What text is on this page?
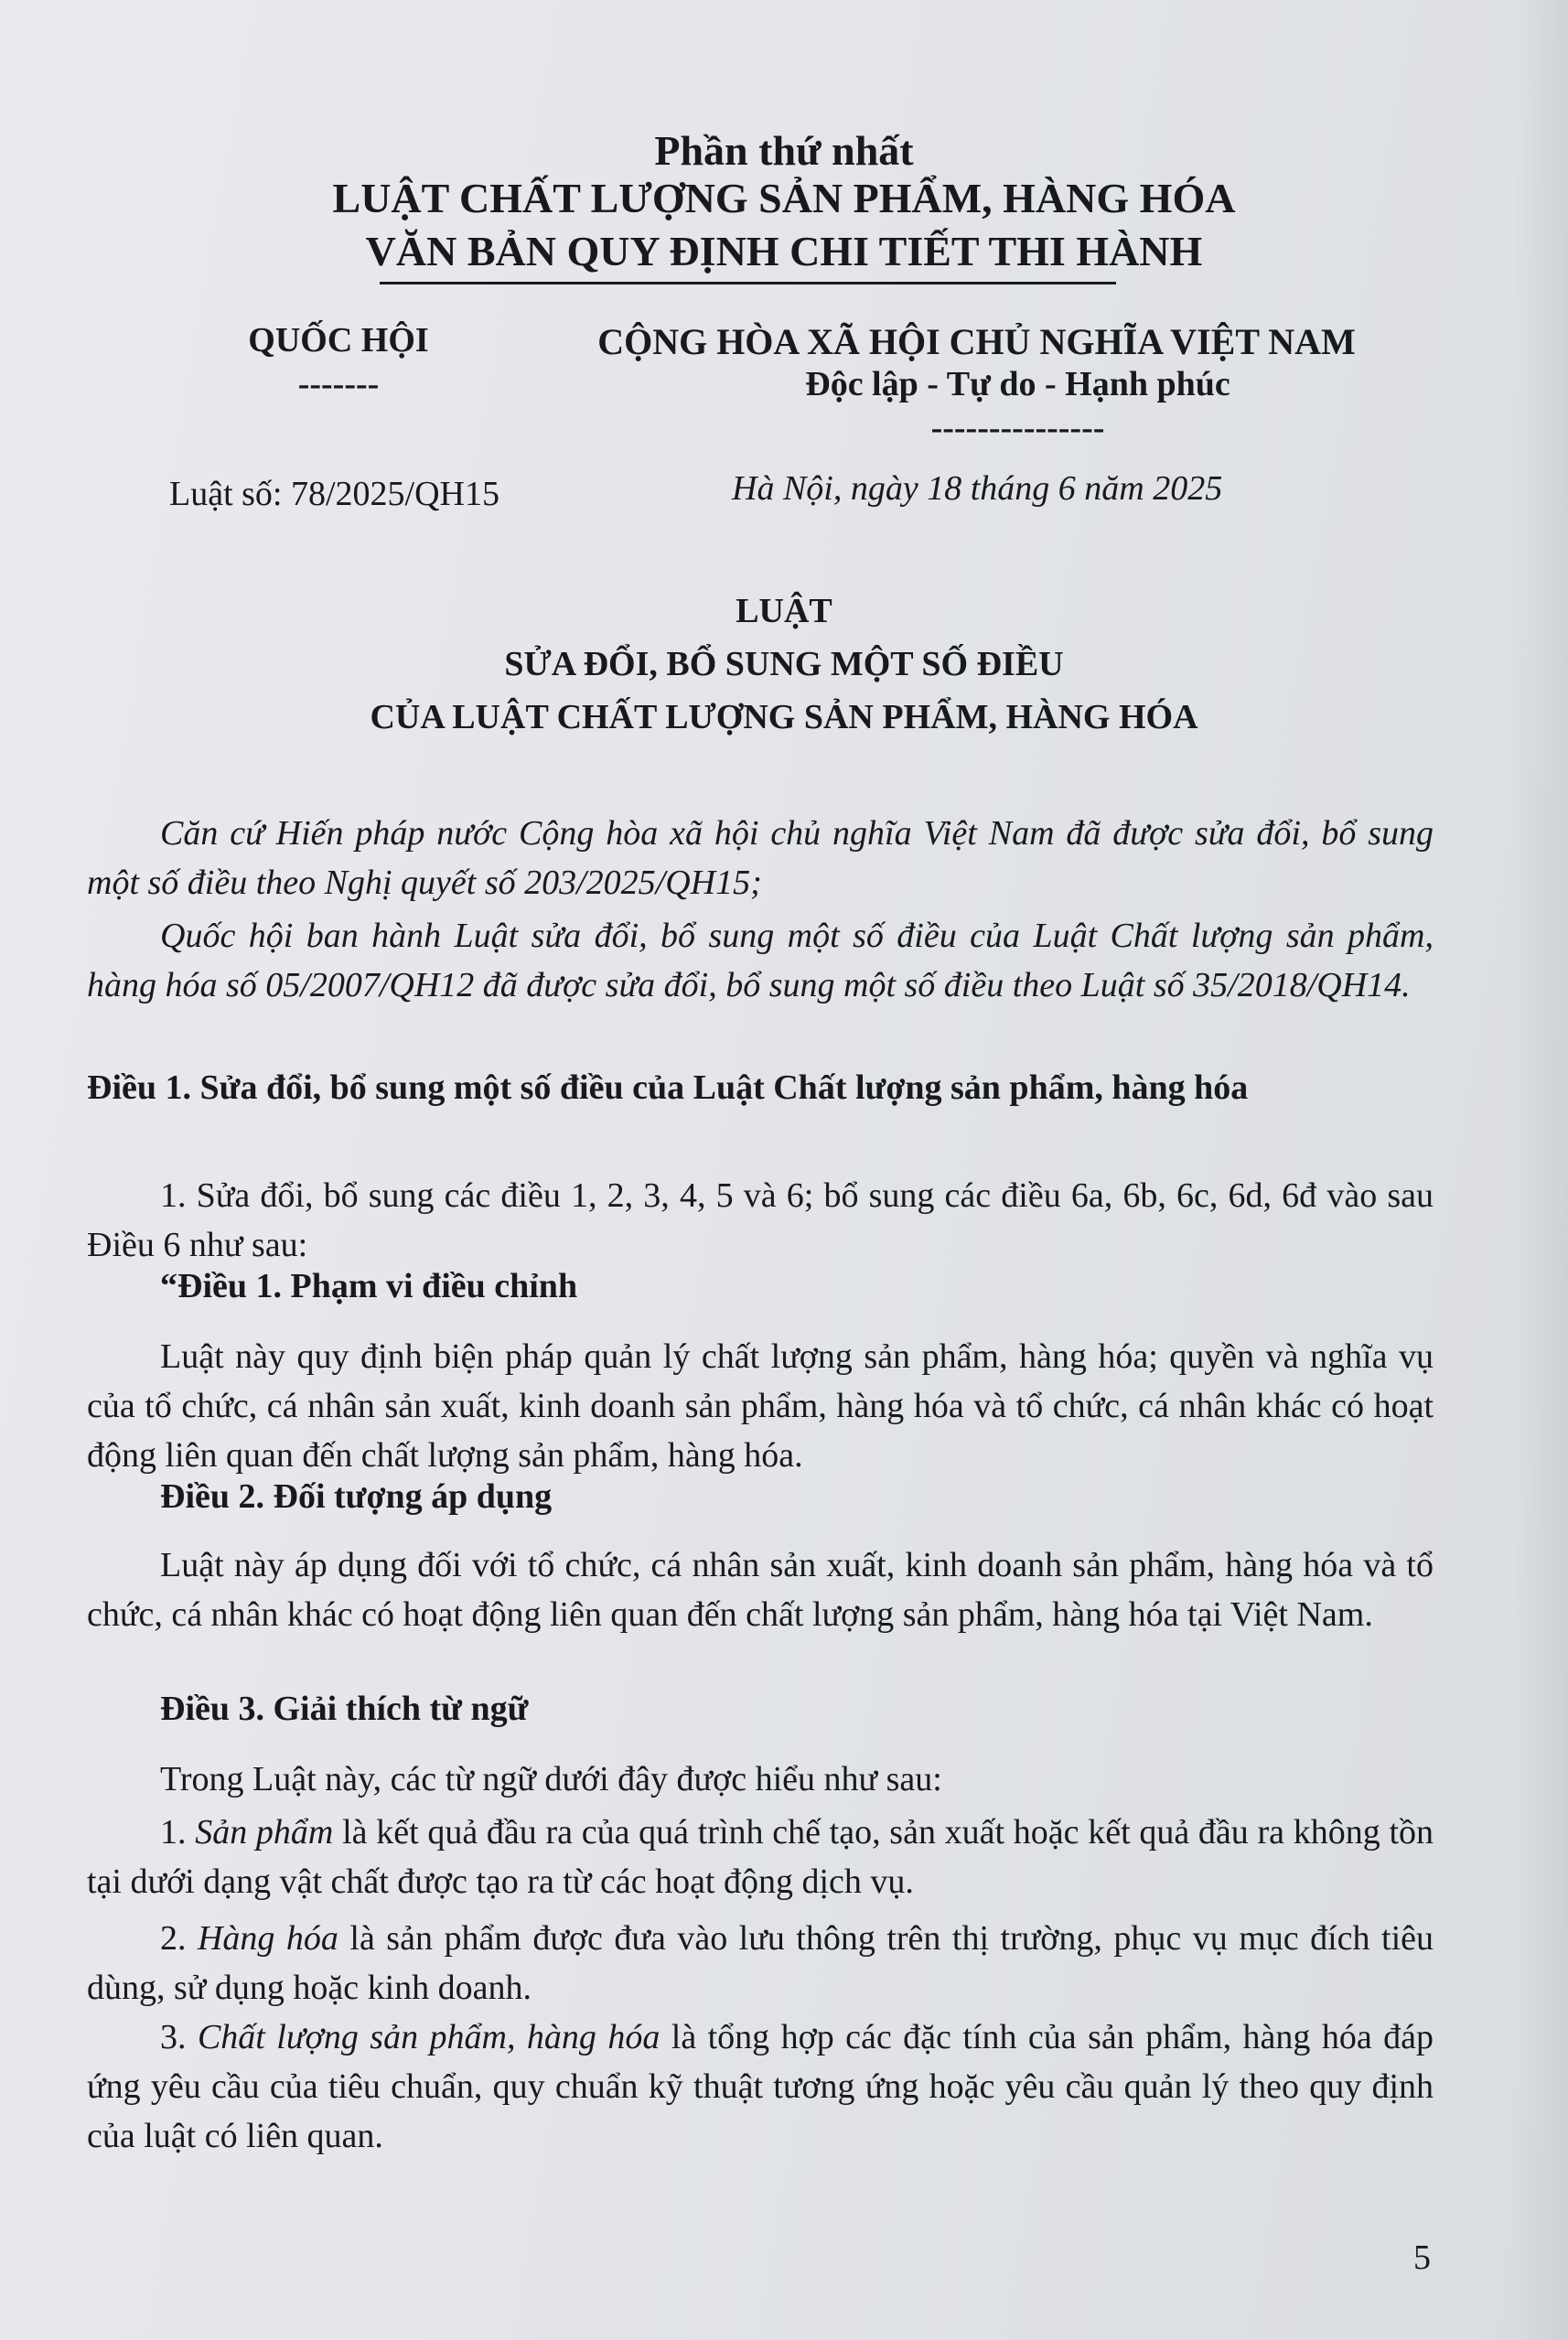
Phần thứ nhất
LUẬT CHẤT LƯỢNG SẢN PHẨM, HÀNG HÓA
VĂN BẢN QUY ĐỊNH CHI TIẾT THI HÀNH
QUỐC HỘI
-------
CỘNG HÒA XÃ HỘI CHỦ NGHĨA VIỆT NAM
Độc lập - Tự do - Hạnh phúc
---------------
Luật số: 78/2025/QH15	Hà Nội, ngày 18 tháng 6 năm 2025
LUẬT
SỬA ĐỔI, BỔ SUNG MỘT SỐ ĐIỀU
CỦA LUẬT CHẤT LƯỢNG SẢN PHẨM, HÀNG HÓA

Căn cứ Hiến pháp nước Cộng hòa xã hội chủ nghĩa Việt Nam đã được sửa đổi, bổ sung một số điều theo Nghị quyết số 203/2025/QH15;

Quốc hội ban hành Luật sửa đổi, bổ sung một số điều của Luật Chất lượng sản phẩm, hàng hóa số 05/2007/QH12 đã được sửa đổi, bổ sung một số điều theo Luật số 35/2018/QH14.

Điều 1. Sửa đổi, bổ sung một số điều của Luật Chất lượng sản phẩm, hàng hóa
1. Sửa đổi, bổ sung các điều 1, 2, 3, 4, 5 và 6; bổ sung các điều 6a, 6b, 6c, 6d, 6đ vào sau Điều 6 như sau:
“Điều 1. Phạm vi điều chỉnh
Luật này quy định biện pháp quản lý chất lượng sản phẩm, hàng hóa; quyền và nghĩa vụ của tổ chức, cá nhân sản xuất, kinh doanh sản phẩm, hàng hóa và tổ chức, cá nhân khác có hoạt động liên quan đến chất lượng sản phẩm, hàng hóa.
Điều 2. Đối tượng áp dụng
Luật này áp dụng đối với tổ chức, cá nhân sản xuất, kinh doanh sản phẩm, hàng hóa và tổ chức, cá nhân khác có hoạt động liên quan đến chất lượng sản phẩm, hàng hóa tại Việt Nam.
Điều 3. Giải thích từ ngữ
Trong Luật này, các từ ngữ dưới đây được hiểu như sau:
1. Sản phẩm là kết quả đầu ra của quá trình chế tạo, sản xuất hoặc kết quả đầu ra không tồn tại dưới dạng vật chất được tạo ra từ các hoạt động dịch vụ.
2. Hàng hóa là sản phẩm được đưa vào lưu thông trên thị trường, phục vụ mục đích tiêu dùng, sử dụng hoặc kinh doanh.
3. Chất lượng sản phẩm, hàng hóa là tổng hợp các đặc tính của sản phẩm, hàng hóa đáp ứng yêu cầu của tiêu chuẩn, quy chuẩn kỹ thuật tương ứng hoặc yêu cầu quản lý theo quy định của luật có liên quan.
5
